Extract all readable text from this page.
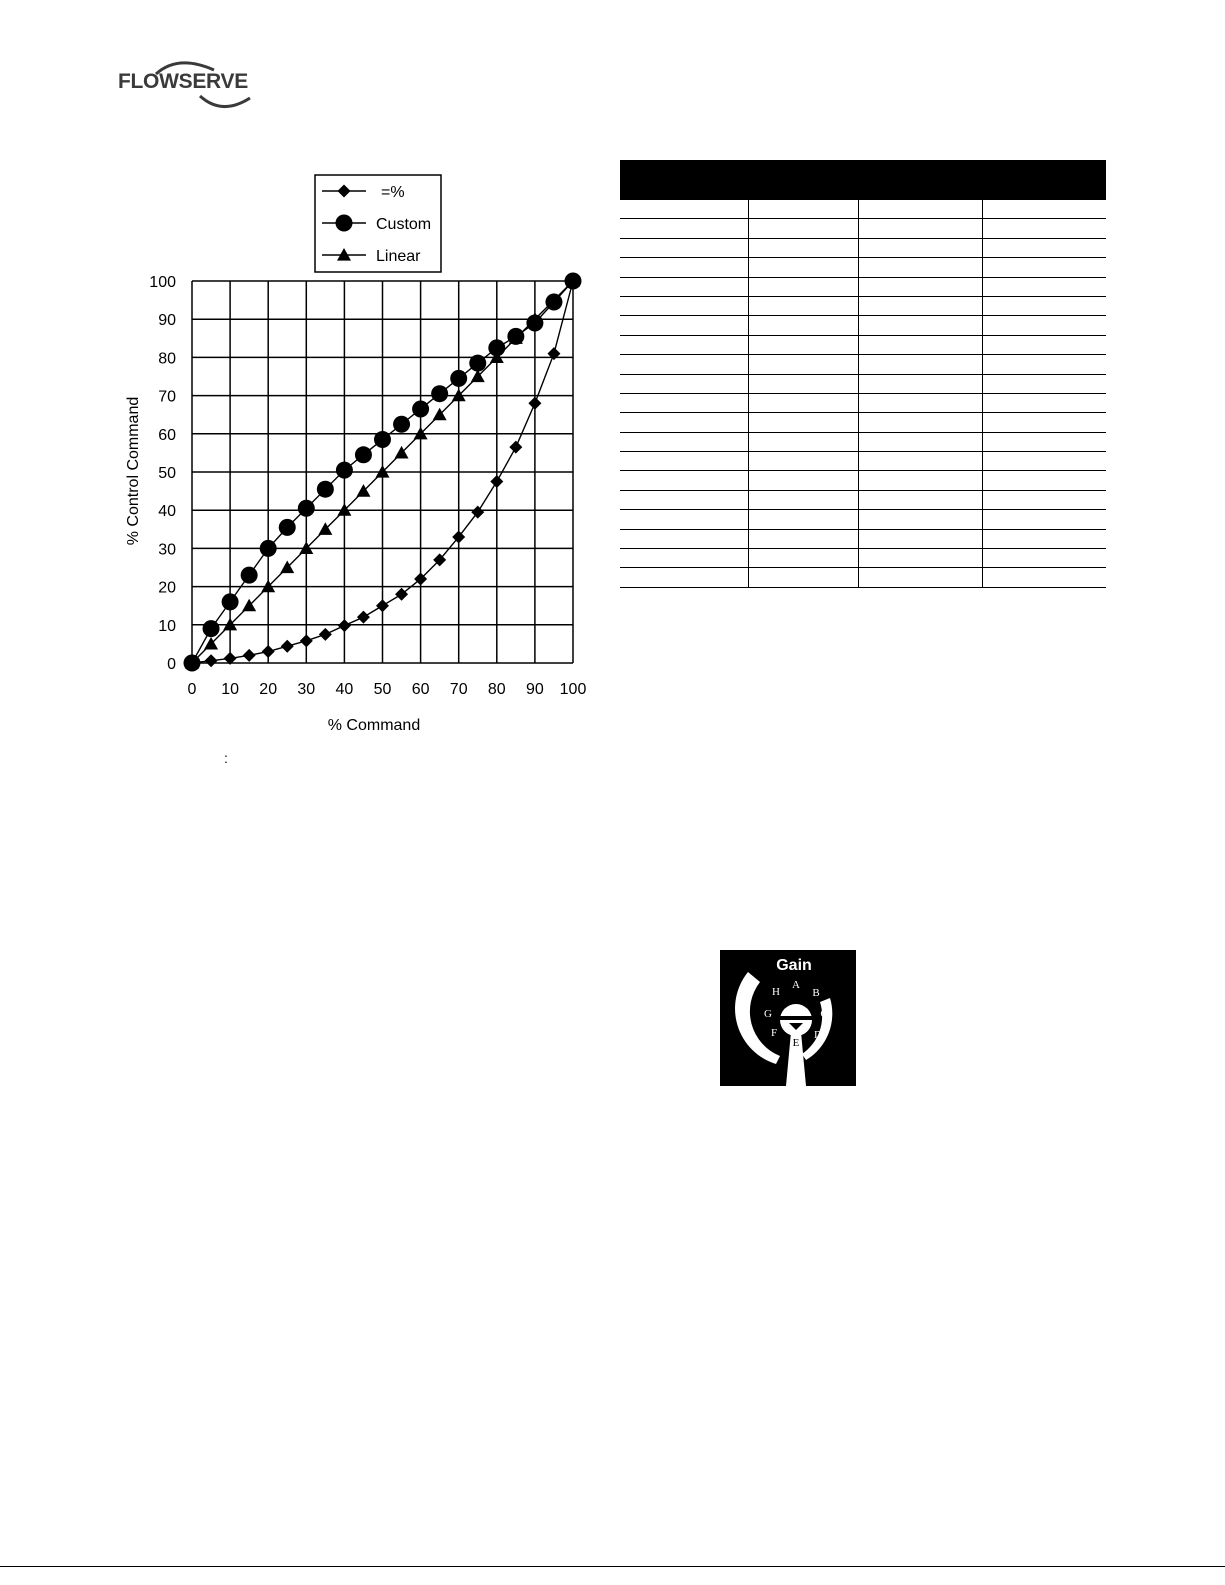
FLOWSERVE
0 10 20 30 40 50 60 70 80 90 100
0
10
20
30
40
50
60
70
80
90
100
=%
Custom
Linear
% Command
% Control Command
Gain
A
B
C
D
E
F
G
H
:
